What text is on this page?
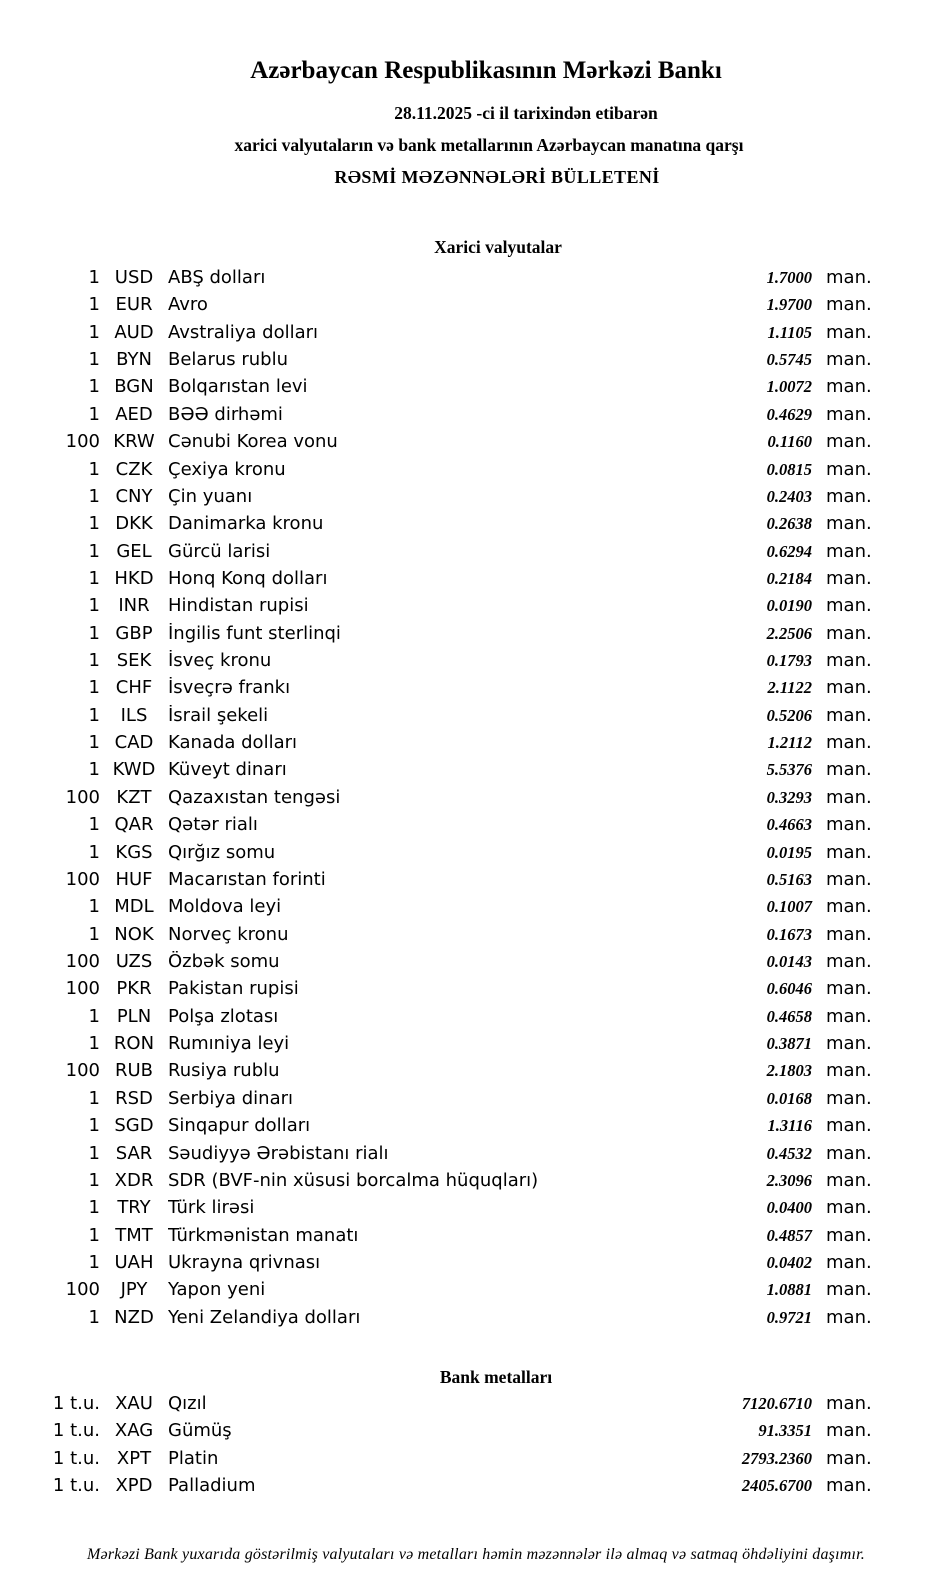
Azərbaycan Respublikasının Mərkəzi Bankı
28.11.2025 -ci il tarixindən etibarən
xarici valyutaların və bank metallarının Azərbaycan manatına qarşı
RƏSMİ MƏZƏNNƏLƏRİ BÜLLETENİ
Xarici valyutalar
1 USD ABŞ dolları	1.7000 man.
1 EUR Avro	1.9700 man.
1 AUD Avstraliya dolları	1.1105 man.
1 BYN Belarus rublu	0.5745 man.
1 BGN Bolqarıstan levi	1.0072 man.
1 AED BƏƏ dirhəmi	0.4629 man.
100 KRW Cənubi Korea vonu	0.1160 man.
1 CZK Çexiya kronu	0.0815 man.
1 CNY Çin yuanı	0.2403 man.
1 DKK Danimarka kronu	0.2638 man.
1 GEL Gürcü larisi	0.6294 man.
1 HKD Honq Konq dolları	0.2184 man.
1	INR	Hindistan rupisi	0.0190 man.
1 GBP İngilis funt sterlinqi	2.2506 man.
1 SEK İsveç kronu	0.1793 man.
1 CHF İsveçrə frankı	2.1122 man.
1	ILS	İsrail şekeli	0.5206 man.
1 CAD Kanada dolları	1.2112 man.
1 KWD Küveyt dinarı	5.5376 man.
100 KZT Qazaxıstan tengəsi	0.3293 man.
1 QAR Qətər rialı	0.4663 man.
1 KGS Qırğız somu	0.0195 man.
100 HUF Macarıstan forinti	0.5163 man.
1 MDL Moldova leyi	0.1007 man.
1 NOK Norveç kronu	0.1673 man.
100 UZS Özbək somu	0.0143 man.
100 PKR Pakistan rupisi	0.6046 man.
1 PLN Polşa zlotası	0.4658 man.
1 RON Rumıniya leyi	0.3871 man.
100 RUB Rusiya rublu	2.1803 man.
1 RSD Serbiya dinarı	0.0168 man.
1 SGD Sinqapur dolları	1.3116 man.
1 SAR Səudiyyə Ərəbistanı rialı	0.4532 man.
1 XDR SDR (BVF-nin xüsusi borcalma hüquqları)	2.3096 man.
1 TRY Türk lirəsi	0.0400 man.
1 TMT Türkmənistan manatı	0.4857 man.
1 UAH Ukrayna qrivnası	0.0402 man.
100	JPY	Yapon yeni	1.0881 man.
1 NZD Yeni Zelandiya dolları	0.9721 man.
Bank metalları
1 t.u. XAU Qızıl	7120.6710 man.
1 t.u. XAG Gümüş	91.3351 man.
1 t.u. XPT Platin	2793.2360 man.
1 t.u. XPD Palladium	2405.6700 man.
Mərkəzi Bank yuxarıda göstərilmiş valyutaları və metalları həmin məzənnələr ilə almaq və satmaq öhdəliyini daşımır.
